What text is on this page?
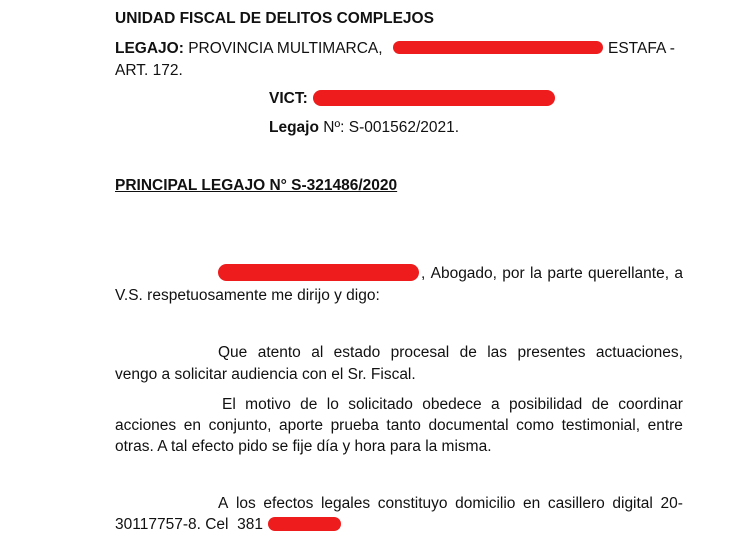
UNIDAD FISCAL DE DELITOS COMPLEJOS
LEGAJO: PROVINCIA MULTIMARCA,	ESTAFA -
ART. 172.
VICT:
Legajo Nº: S-001562/2021.
PRINCIPAL LEGAJO N° S-321486/2020
, Abogado, por la parte querellante, a
V.S. respetuosamente me dirijo y digo:
Que atento al estado procesal de las presentes actuaciones,
vengo a solicitar audiencia con el Sr. Fiscal.
El motivo de lo solicitado obedece a posibilidad de coordinar
acciones en conjunto, aporte prueba tanto documental como testimonial, entre
otras. A tal efecto pido se fije día y hora para la misma.
A los efectos legales constituyo domicilio en casillero digital 20-
30117757-8. Cel  381
